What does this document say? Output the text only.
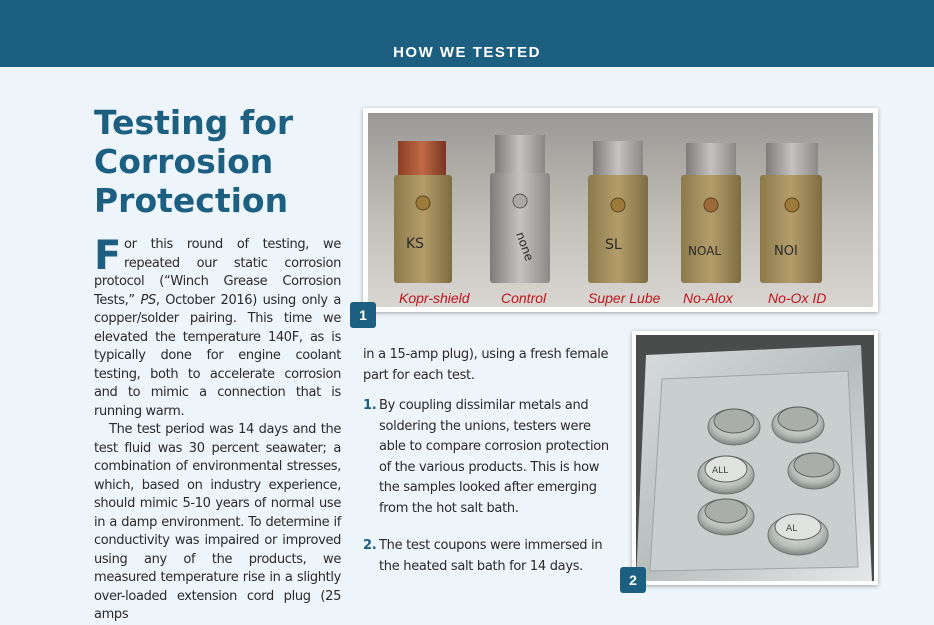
HOW WE TESTED
Testing for
Corrosion
Protection

For this round of testing, we repeated our static corrosion protocol (“Winch Grease Corrosion Tests,” PS, October 2016) using only a copper/solder pairing. This time we elevated the temperature 140F, as is typically done for engine coolant testing, both to accelerate corrosion and to mimic a connection that is running warm.

The test period was 14 days and the test fluid was 30 percent seawater; a combination of environmental stresses, which, based on industry experience, should mimic 5-10 years of normal use in a damp environment. To determine if conductivity was impaired or improved using any of the products, we measured temperature rise in a slightly over-loaded extension cord plug (25 amps

KS	none	SL	NOAL	NOI
Kopr-shield Control	Super Lube No-Alox	No-Ox ID
1

in a 15-amp plug), using a fresh female part for each test.

1. By coupling dissimilar metals and soldering the unions, testers were able to compare corrosion protection of the various products. This is how the samples looked after emerging from the hot salt bath.
2. The test coupons were immersed in the heated salt bath for 14 days.
ALL
AL
2
